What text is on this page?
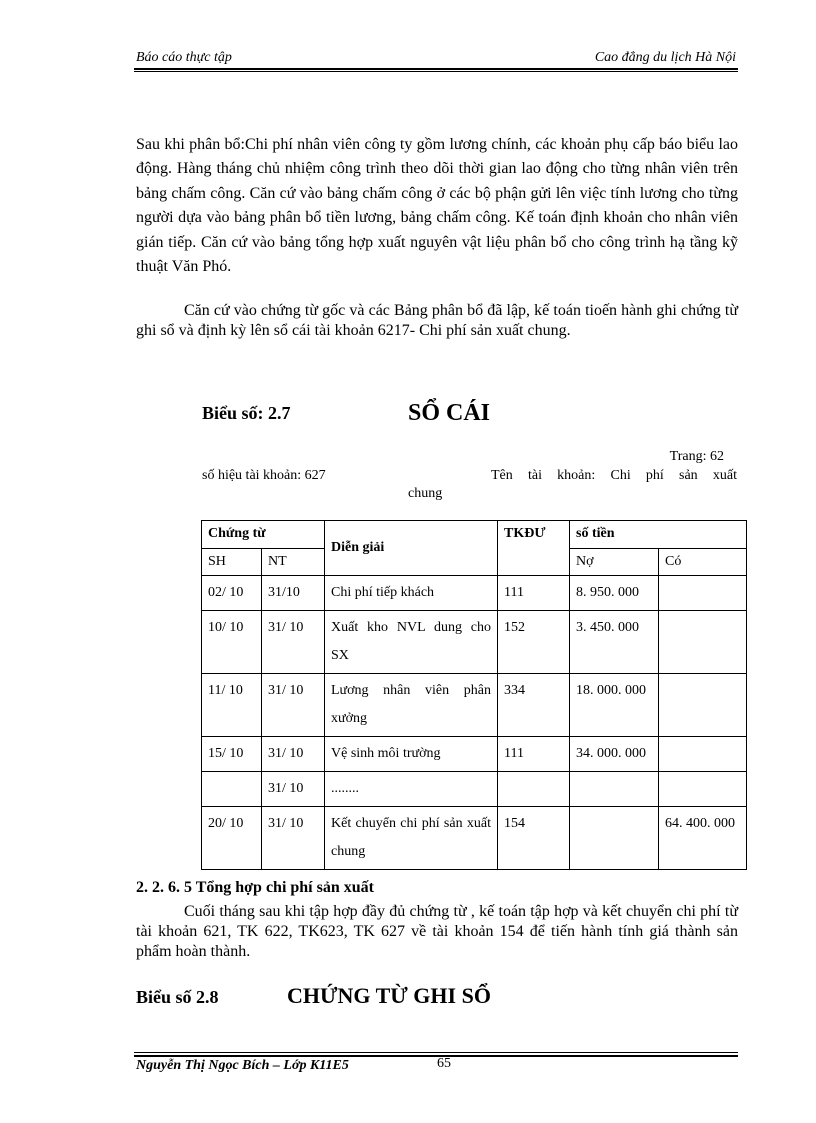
Báo cáo thực tập	Cao đẳng du lịch Hà Nội
Sau khi phân bổ:Chi phí nhân viên công ty gồm lương chính, các khoản phụ cấp báo biểu lao động. Hàng tháng chủ nhiệm công trình theo dõi thời gian lao động cho từng nhân viên trên bảng chấm công. Căn cứ vào bảng chấm công ở các bộ phận gửi lên việc tính lương cho từng người dựa vào bảng phân bổ tiền lương, bảng chấm công. Kế toán định khoản cho nhân viên gián tiếp. Căn cứ vào bảng tổng hợp xuất nguyên vật liệu phân bổ cho công trình hạ tầng kỹ thuật Văn Phó.
Căn cứ vào chứng từ gốc và các Bảng phân bổ đã lập, kế toán tioến hành ghi chứng từ ghi sổ và định kỳ lên sổ cái tài khoản 6217- Chi phí sản xuất chung.
Biểu số: 2.7	SỔ CÁI
Trang: 62
số hiệu tài khoản: 627	Tên tài khoản: Chi phí sản xuất
chung
Chứng từ		Diễn giải	TKĐƯ	số tiền	
SH	NT			Nợ	Có
02/ 10	31/10	Chi phí tiếp khách	111	8. 950. 000	
10/ 10	31/ 10	Xuất kho NVL dung cho SX	152	3. 450. 000	
11/ 10	31/ 10	Lương nhân viên phân xưởng	334	18. 000. 000	
15/ 10	31/ 10	Vệ sinh môi trường	111	34. 000. 000	
	31/ 10	........			
20/ 10	31/ 10	Kết chuyển chi phí sản xuất chung	154		64. 400. 000
2. 2. 6. 5 Tổng hợp chi phí sản xuất
Cuối tháng sau khi tập hợp đầy đủ chứng từ , kế toán tập hợp và kết chuyển chi phí từ tài khoản 621, TK 622, TK623, TK 627 về tài khoản 154 để tiến hành tính giá thành sản phẩm hoàn thành.
Biểu số 2.8	CHỨNG TỪ GHI SỔ
Nguyễn Thị Ngọc Bích – Lớp K11E5	65
